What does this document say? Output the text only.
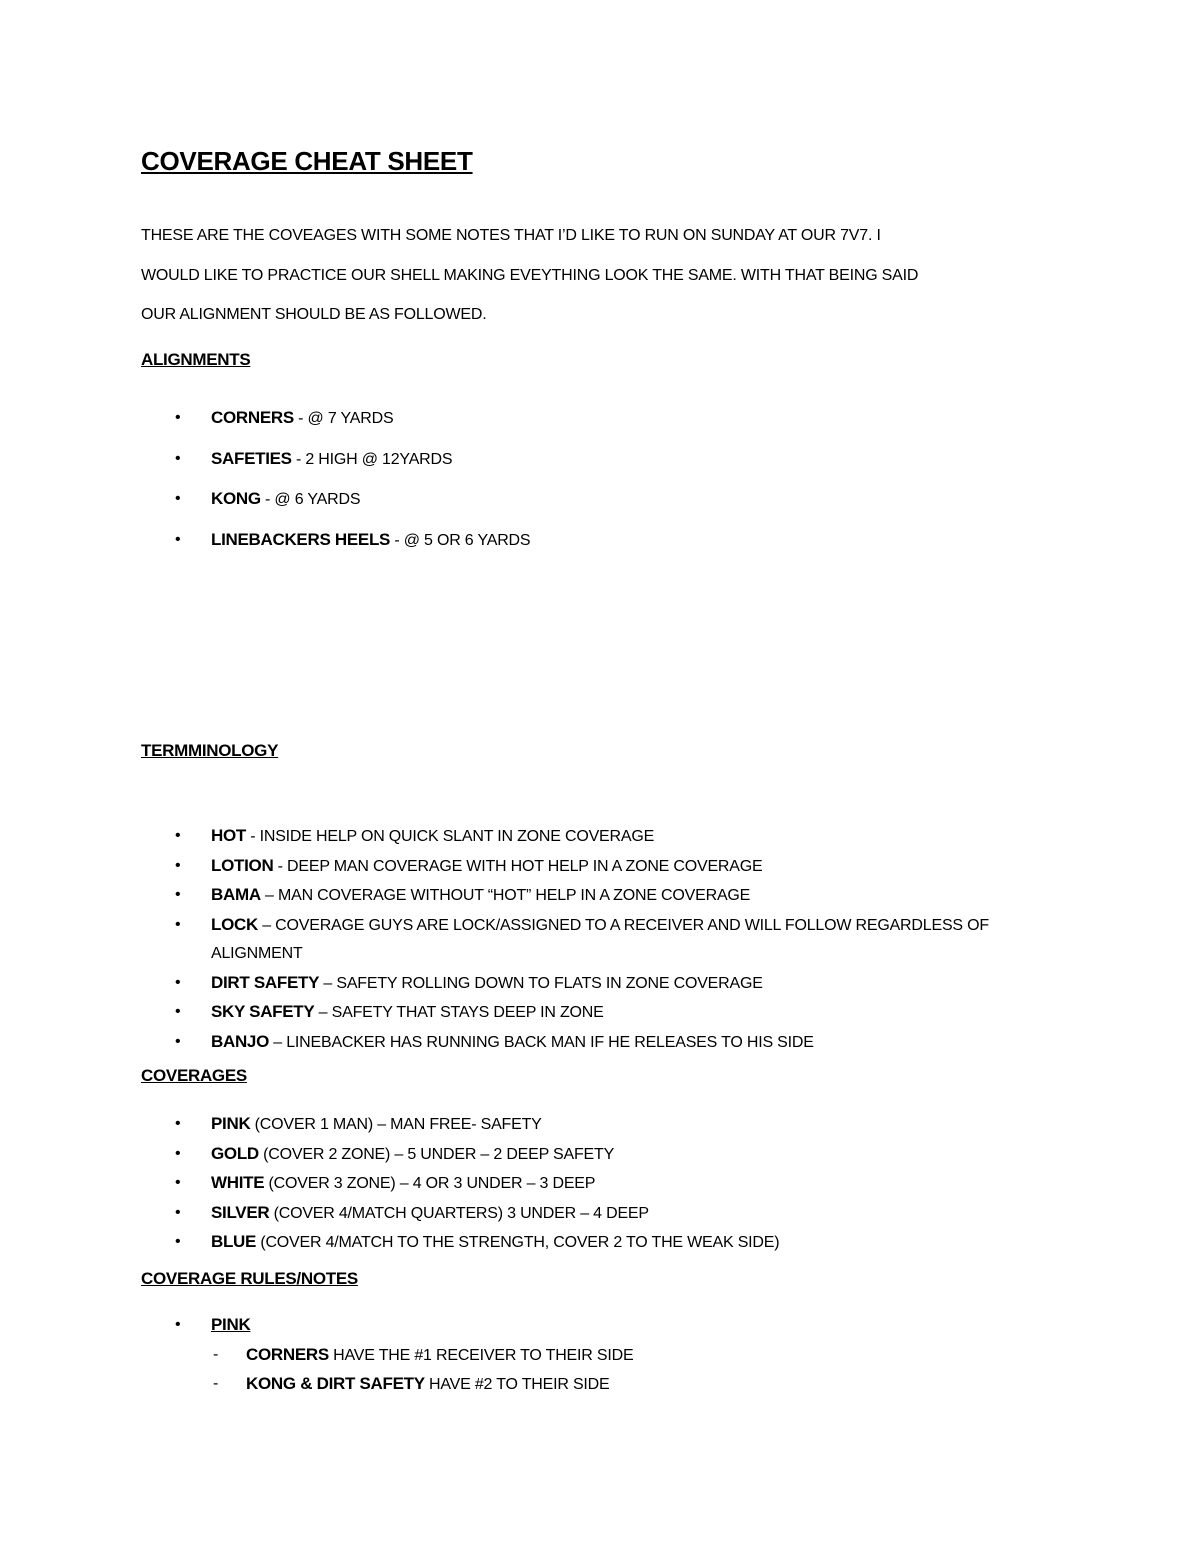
COVERAGE CHEAT SHEET

THESE ARE THE COVEAGES WITH SOME NOTES THAT I’D LIKE TO RUN ON SUNDAY AT OUR 7V7. I
WOULD LIKE TO PRACTICE OUR SHELL MAKING EVEYTHING LOOK THE SAME. WITH THAT BEING SAID
OUR ALIGNMENT SHOULD BE AS FOLLOWED.

ALIGNMENTS
• CORNERS - @ 7 YARDS
• SAFETIES - 2 HIGH @ 12YARDS
• KONG - @ 6 YARDS
• LINEBACKERS HEELS - @ 5 OR 6 YARDS
TERMMINOLOGY
• HOT - INSIDE HELP ON QUICK SLANT IN ZONE COVERAGE
• LOTION - DEEP MAN COVERAGE WITH HOT HELP IN A ZONE COVERAGE
• BAMA – MAN COVERAGE WITHOUT “HOT” HELP IN A ZONE COVERAGE
• LOCK – COVERAGE GUYS ARE LOCK/ASSIGNED TO A RECEIVER AND WILL FOLLOW REGARDLESS OF ALIGNMENT
• DIRT SAFETY – SAFETY ROLLING DOWN TO FLATS IN ZONE COVERAGE
• SKY SAFETY – SAFETY THAT STAYS DEEP IN ZONE
• BANJO – LINEBACKER HAS RUNNING BACK MAN IF HE RELEASES TO HIS SIDE
COVERAGES
• PINK (COVER 1 MAN) – MAN FREE- SAFETY
• GOLD (COVER 2 ZONE) – 5 UNDER – 2 DEEP SAFETY
• WHITE (COVER 3 ZONE) – 4 OR 3 UNDER – 3 DEEP
• SILVER (COVER 4/MATCH QUARTERS) 3 UNDER – 4 DEEP
• BLUE (COVER 4/MATCH TO THE STRENGTH, COVER 2 TO THE WEAK SIDE)
COVERAGE RULES/NOTES
• PINK
- CORNERS HAVE THE #1 RECEIVER TO THEIR SIDE
- KONG & DIRT SAFETY HAVE #2 TO THEIR SIDE
